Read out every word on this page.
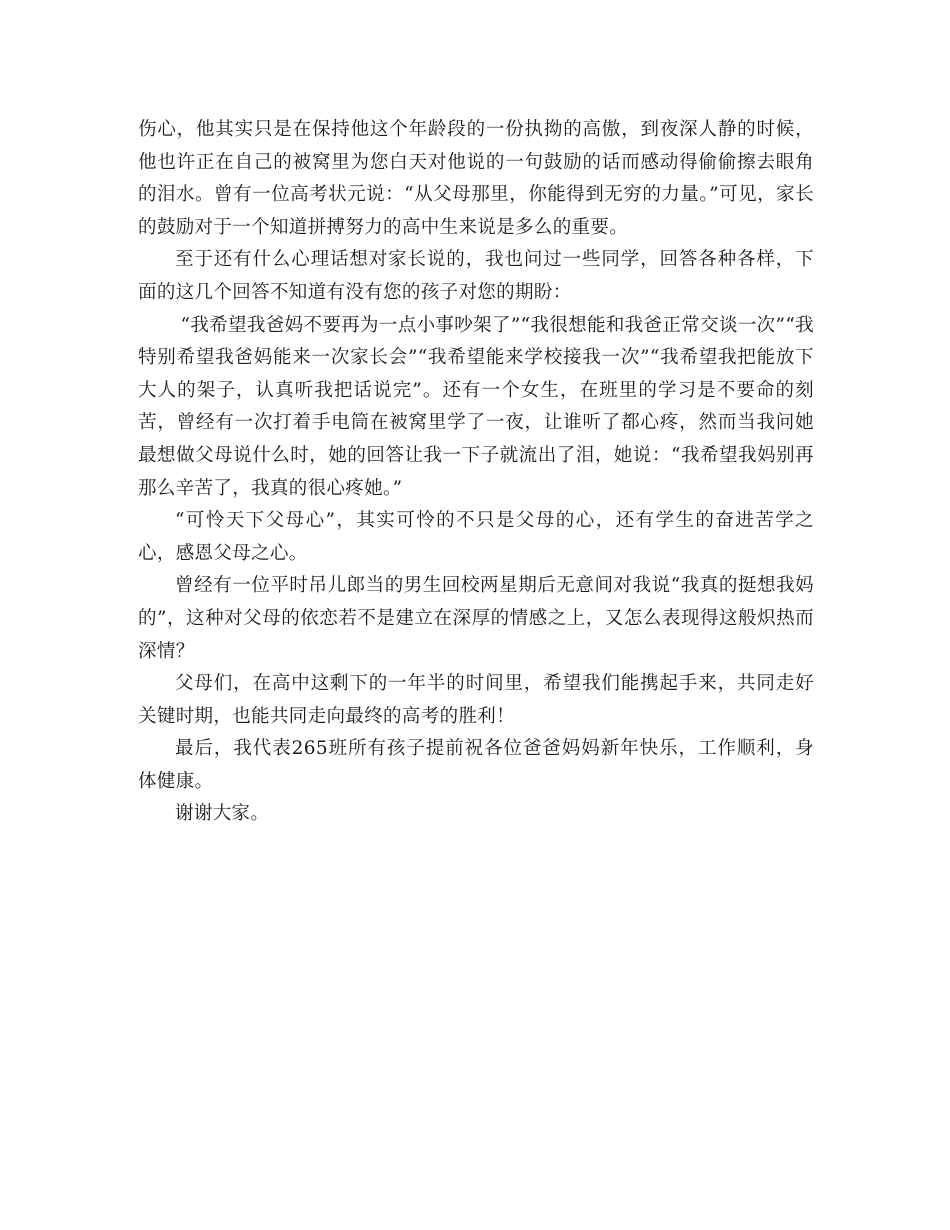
伤心，他其实只是在保持他这个年龄段的一份执拗的高傲，到夜深人静的时候，他也许正在自己的被窝里为您白天对他说的一句鼓励的话而感动得偷偷擦去眼角的泪水。曾有一位高考状元说：“从父母那里，你能得到无穷的力量。”可见，家长的鼓励对于一个知道拼搏努力的高中生来说是多么的重要。

至于还有什么心理话想对家长说的，我也问过一些同学，回答各种各样，下面的这几个回答不知道有没有您的孩子对您的期盼：

“我希望我爸妈不要再为一点小事吵架了”“我很想能和我爸正常交谈一次”“我特别希望我爸妈能来一次家长会”“我希望能来学校接我一次”“我希望我把能放下大人的架子，认真听我把话说完”。还有一个女生，在班里的学习是不要命的刻苦，曾经有一次打着手电筒在被窝里学了一夜，让谁听了都心疼，然而当我问她最想做父母说什么时，她的回答让我一下子就流出了泪，她说：“我希望我妈别再那么辛苦了，我真的很心疼她。”

“可怜天下父母心”，其实可怜的不只是父母的心，还有学生的奋进苦学之心，感恩父母之心。

曾经有一位平时吊儿郎当的男生回校两星期后无意间对我说“我真的挺想我妈的”，这种对父母的依恋若不是建立在深厚的情感之上，又怎么表现得这般炽热而深情？

父母们，在高中这剩下的一年半的时间里，希望我们能携起手来，共同走好关键时期，也能共同走向最终的高考的胜利！

最后，我代表265班所有孩子提前祝各位爸爸妈妈新年快乐，工作顺利，身体健康。

谢谢大家。
